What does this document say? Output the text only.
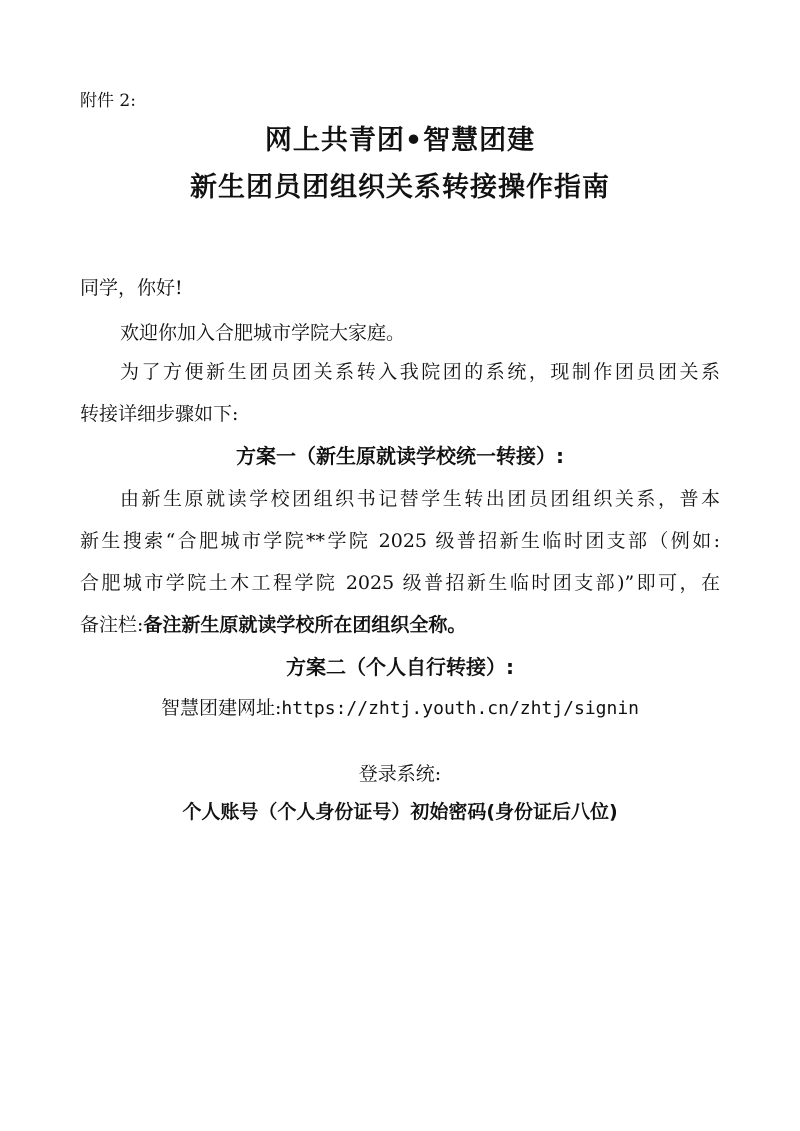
附件 2:
网上共青团•智慧团建
新生团员团组织关系转接操作指南
同学，你好!
欢迎你加入合肥城市学院大家庭。
为了方便新生团员团关系转入我院团的系统，现制作团员团关系
转接详细步骤如下:
方案一（新生原就读学校统一转接）:
由新生原就读学校团组织书记替学生转出团员团组织关系，普本
新生搜索“合肥城市学院**学院 2025 级普招新生临时团支部（例如:
合肥城市学院土木工程学院 2025 级普招新生临时团支部)”即可，在
备注栏:备注新生原就读学校所在团组织全称。
方案二（个人自行转接）:
智慧团建网址:https://zhtj.youth.cn/zhtj/signin
登录系统:
个人账号（个人身份证号）初始密码(身份证后八位)
